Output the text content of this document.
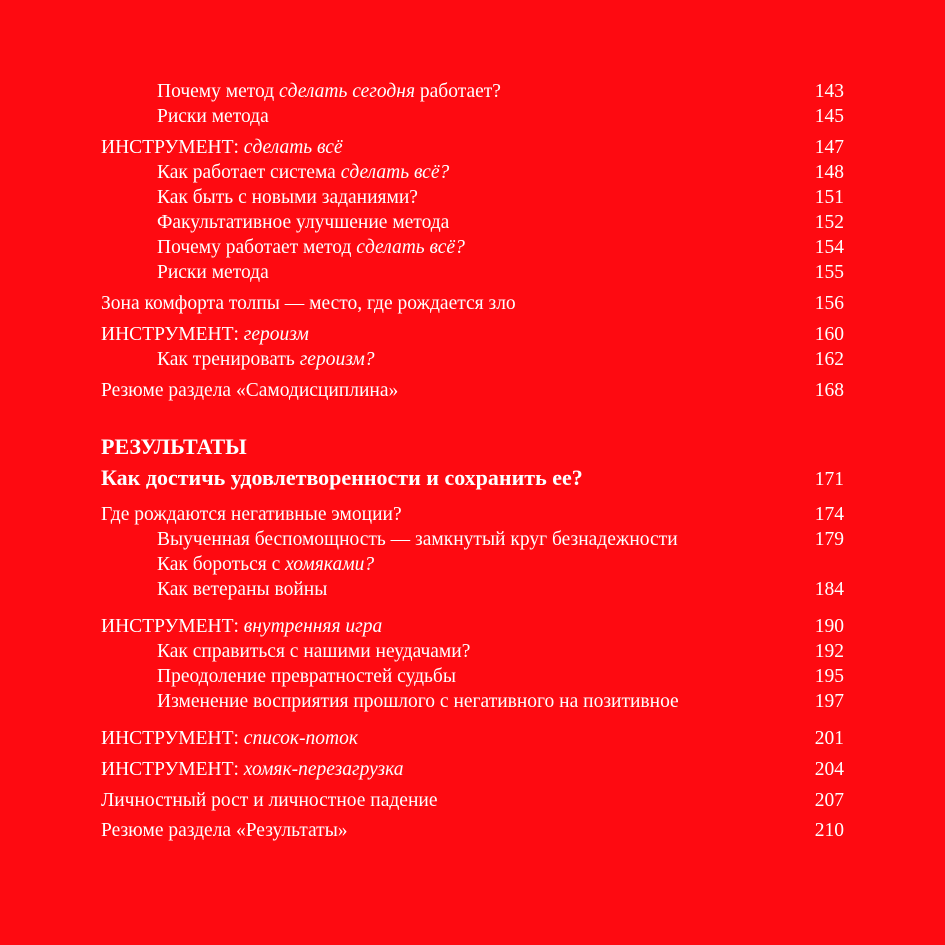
Почему метод сделать сегодня работает?	143
Риски метода	145
ИНСТРУМЕНТ: сделать всё	147
Как работает система сделать всё?	148
Как быть с новыми заданиями?	151
Факультативное улучшение метода	152
Почему работает метод сделать всё?	154
Риски метода	155
Зона комфорта толпы — место, где рождается зло	156
ИНСТРУМЕНТ: героизм	160
Как тренировать героизм?	162
Резюме раздела «Самодисциплина»	168
РЕЗУЛЬТАТЫ
Как достичь удовлетворенности и сохранить ее?	171
Где рождаются негативные эмоции?	174
Выученная беспомощность — замкнутый круг безнадежности	179
Как бороться с хомяками?
Как ветераны войны	184
ИНСТРУМЕНТ: внутренняя игра	190
Как справиться с нашими неудачами?	192
Преодоление превратностей судьбы	195
Изменение восприятия прошлого с негативного на позитивное	197
ИНСТРУМЕНТ: список-поток	201
ИНСТРУМЕНТ: хомяк-перезагрузка	204
Личностный рост и личностное падение	207
Резюме раздела «Результаты»	210
